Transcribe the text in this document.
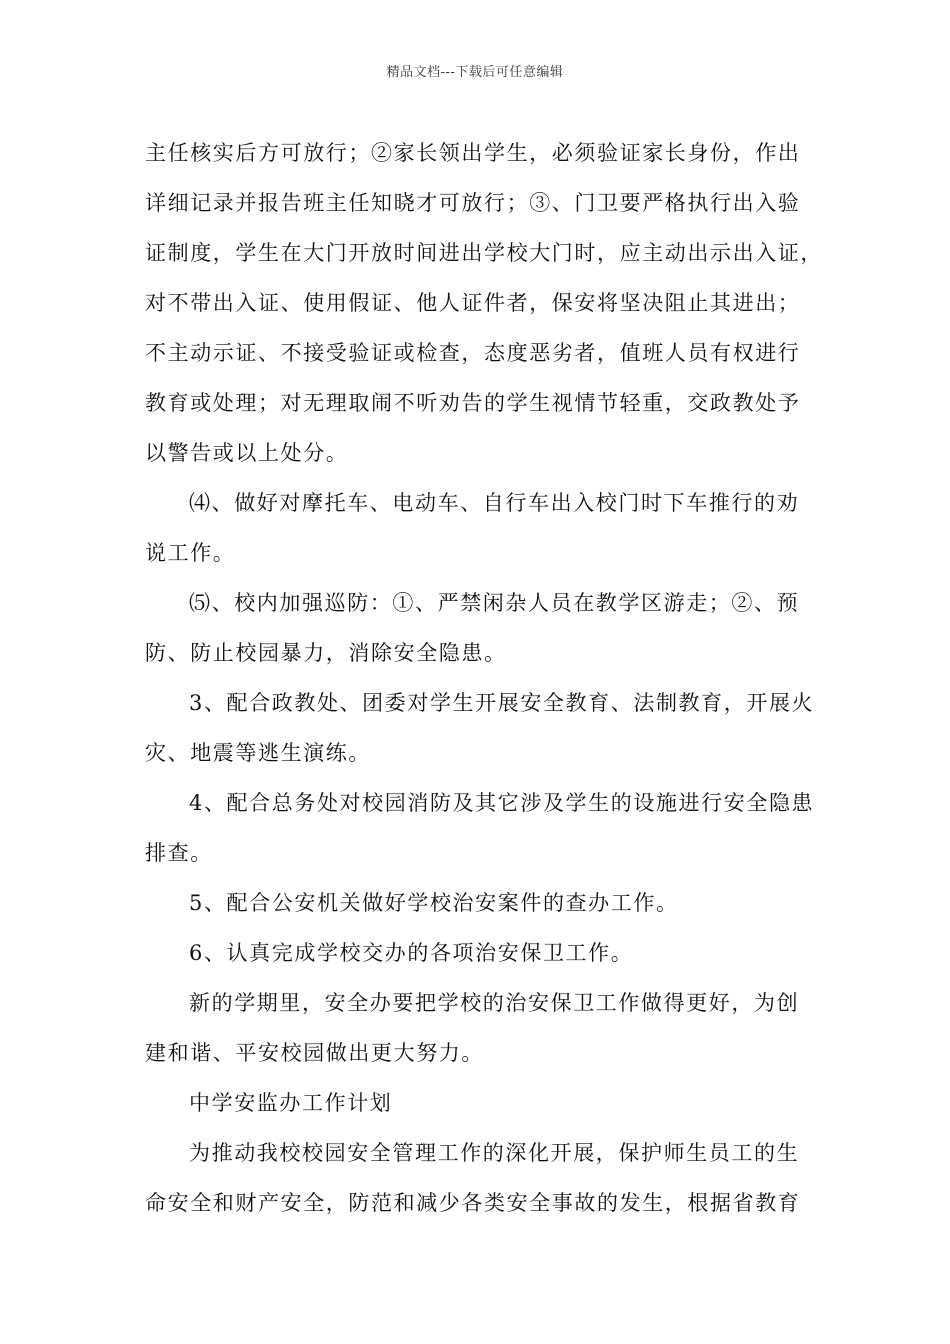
精品文档---下载后可任意编辑
主任核实后方可放行；②家长领出学生，必须验证家长身份，作出
详细记录并报告班主任知晓才可放行；③、门卫要严格执行出入验
证制度，学生在大门开放时间进出学校大门时，应主动出示出入证，
对不带出入证、使用假证、他人证件者，保安将坚决阻止其进出；
不主动示证、不接受验证或检查，态度恶劣者，值班人员有权进行
教育或处理；对无理取闹不听劝告的学生视情节轻重，交政教处予
以警告或以上处分。
⑷、做好对摩托车、电动车、自行车出入校门时下车推行的劝
说工作。
⑸、校内加强巡防：①、严禁闲杂人员在教学区游走；②、预
防、防止校园暴力，消除安全隐患。
3、配合政教处、团委对学生开展安全教育、法制教育，开展火
灾、地震等逃生演练。
4、配合总务处对校园消防及其它涉及学生的设施进行安全隐患
排查。
5、配合公安机关做好学校治安案件的查办工作。
6、认真完成学校交办的各项治安保卫工作。
新的学期里，安全办要把学校的治安保卫工作做得更好，为创
建和谐、平安校园做出更大努力。
中学安监办工作计划
为推动我校校园安全管理工作的深化开展，保护师生员工的生
命安全和财产安全，防范和减少各类安全事故的发生，根据省教育
